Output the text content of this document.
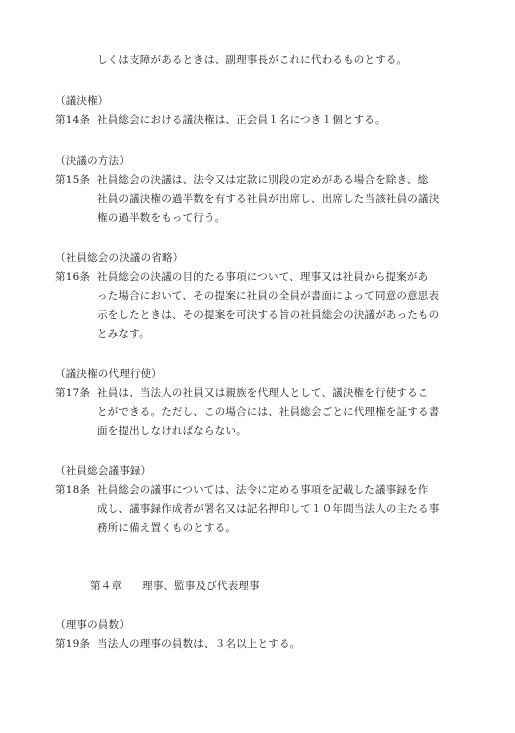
しくは支障があるときは、副理事長がこれに代わるものとする。
（議決権）
第14条 社員総会における議決権は、正会員１名につき１個とする。
（決議の方法）
第15条 社員総会の決議は、法令又は定款に別段の定めがある場合を除き、総
社員の議決権の過半数を有する社員が出席し、出席した当該社員の議決
権の過半数をもって行う。
（社員総会の決議の省略）
第16条 社員総会の決議の目的たる事項について、理事又は社員から提案があ
った場合において、その提案に社員の全員が書面によって同意の意思表
示をしたときは、その提案を可決する旨の社員総会の決議があったもの
とみなす。
（議決権の代理行使）
第17条 社員は、当法人の社員又は親族を代理人として、議決権を行使するこ
とができる。ただし、この場合には、社員総会ごとに代理権を証する書
面を提出しなければならない。
（社員総会議事録）
第18条 社員総会の議事については、法令に定める事項を記載した議事録を作
成し、議事録作成者が署名又は記名押印して１０年間当法人の主たる事
務所に備え置くものとする。
第４章 理事、監事及び代表理事
（理事の員数）
第19条 当法人の理事の員数は、３名以上とする。
